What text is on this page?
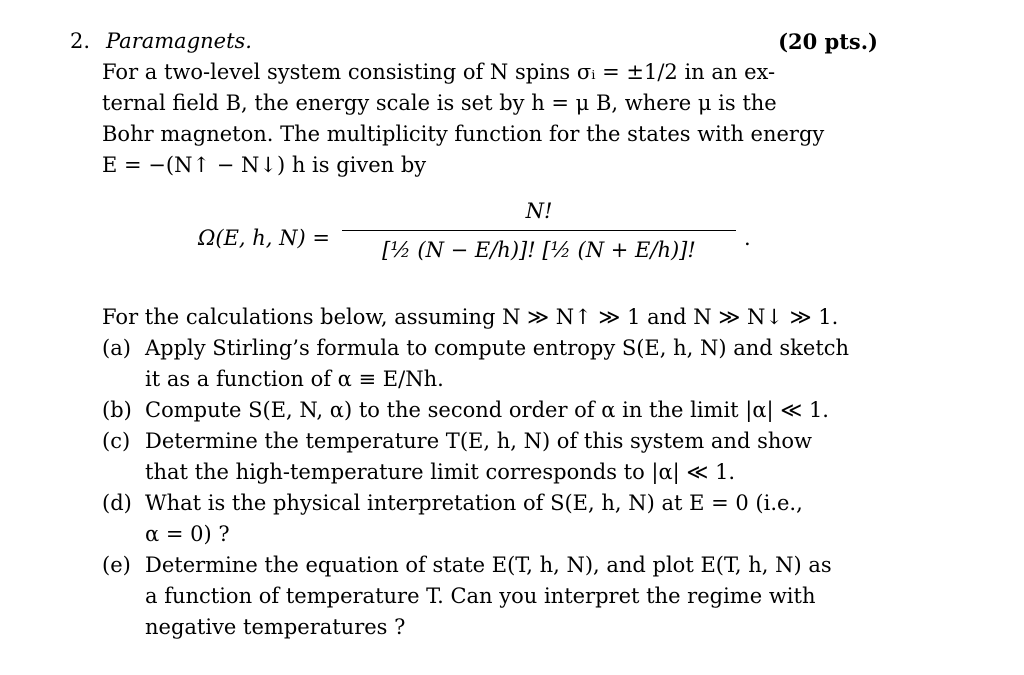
2. Paramagnets.	(20 pts.)
For a two-level system consisting of N spins σᵢ = ±1/2 in an ex-
ternal field B, the energy scale is set by h = μ B, where μ is the
Bohr magneton. The multiplicity function for the states with energy
E = −(N↑ − N↓) h is given by
Ω(E, h, N) =
N!
[½ (N − E/h)]! [½ (N + E/h)]!	.
For the calculations below, assuming N ≫ N↑ ≫ 1 and N ≫ N↓ ≫ 1.
(a) Apply Stirling’s formula to compute entropy S(E, h, N) and sketch
it as a function of α ≡ E/Nh.
(b) Compute S(E, N, α) to the second order of α in the limit |α| ≪ 1.
(c) Determine the temperature T(E, h, N) of this system and show
that the high-temperature limit corresponds to |α| ≪ 1.
(d) What is the physical interpretation of S(E, h, N) at E = 0 (i.e.,
α = 0) ?
(e) Determine the equation of state E(T, h, N), and plot E(T, h, N) as
a function of temperature T. Can you interpret the regime with
negative temperatures ?
